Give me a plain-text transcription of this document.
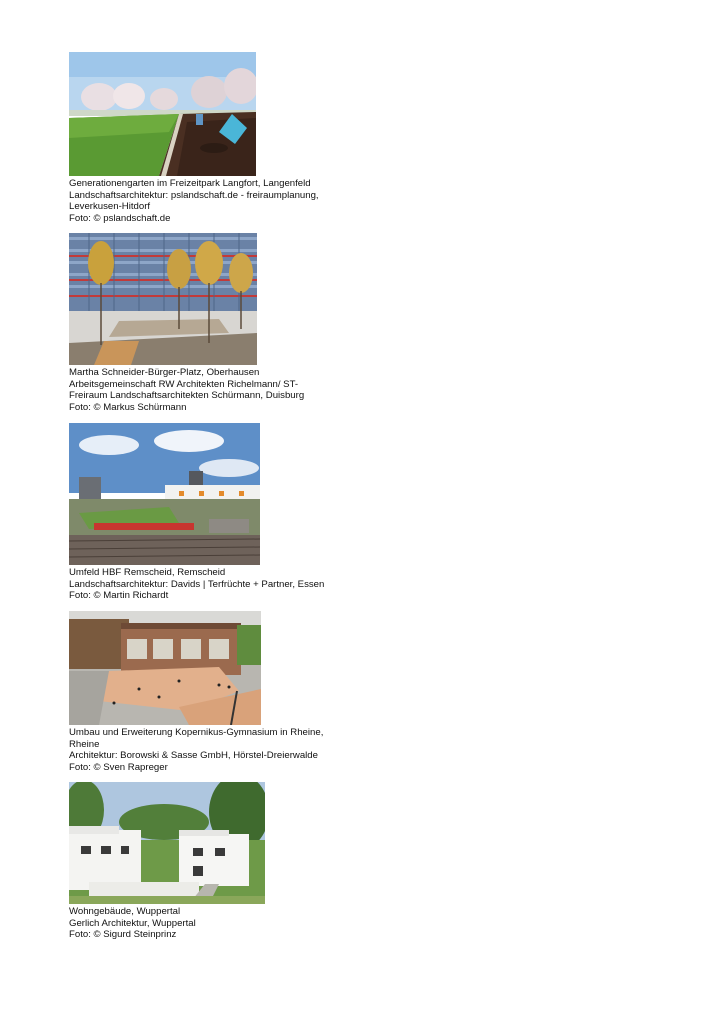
Generationengarten im Freizeitpark Langfort, Langenfeld
Landschaftsarchitektur: pslandschaft.de - freiraumplanung,
Leverkusen-Hitdorf
Foto: © pslandschaft.de
Martha Schneider-Bürger-Platz, Oberhausen
Arbeitsgemeinschaft RW Architekten Richelmann/ ST-
Freiraum Landschaftsarchitekten Schürmann, Duisburg
Foto: © Markus Schürmann
Umfeld HBF Remscheid, Remscheid
Landschaftsarchitektur: Davids | Terfrüchte + Partner, Essen
Foto: © Martin Richardt
Umbau und Erweiterung Kopernikus-Gymnasium in Rheine,
Rheine
Architektur: Borowski & Sasse GmbH, Hörstel-Dreierwalde
Foto: © Sven Rapreger
Wohngebäude, Wuppertal
Gerlich Architektur, Wuppertal
Foto: © Sigurd Steinprinz
